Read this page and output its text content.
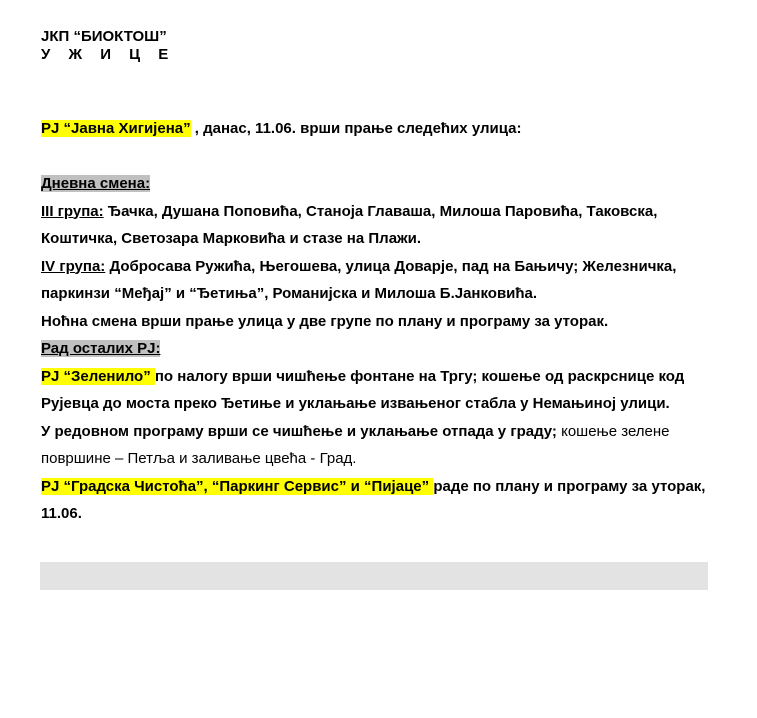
ЈКП “БИОКТОШ”
У Ж И Ц Е

РЈ “Јавна Хигијена” , данас, 11.06. врши прање следећих улица:

Дневна смена:

III група: Ђачка, Душана Поповића, Станоја Главаша, Милоша Паровића, Таковска, Коштичка, Светозара Марковића и стазе на Плажи.

IV група: Добросава Ружића, Његошева, улица Доварје, пад на Бањичу; Железничка, паркинзи “Међај” и “Ђетиња”, Романијска и Милоша Б.Јанковића.

Ноћна смена врши прање улица у две групе по плану и програму за уторак.

Рад осталих РЈ:

РЈ “Зеленило” по налогу врши чишћење фонтане на Тргу; кошење од раскрснице код Рујевца до моста преко Ђетиње и уклањање извањеног стабла у Немањиној улици.

У редовном програму врши се чишћење и уклањање отпада у граду; кошење зелене површине – Петља и заливање цвећа - Град.

РЈ “Градска Чистоћа”, “Паркинг Сервис” и “Пијаце” раде по плану и програму за уторак, 11.06.
